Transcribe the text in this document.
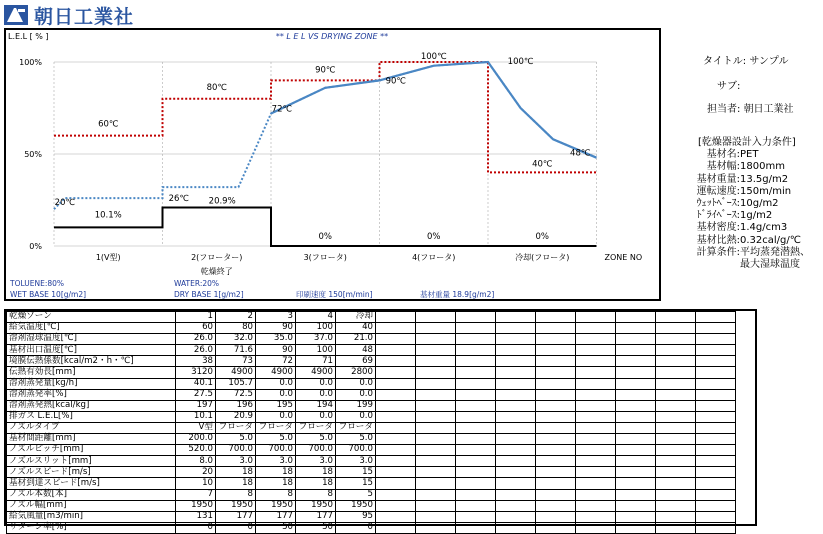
朝日工業社
L.E.L [ % ]	** L E L VS DRYING ZONE **
100%
50%
0%
60℃
80℃
90℃
100℃
40℃
20℃	26℃
72℃
90℃
100℃
48℃
10.1%
20.9%
0%	0%	0%
1(V型)	2(フローター)	3(フロータ)	4(フロータ)	冷却(フロータ)
乾燥終了
ZONE NO
TOLUENE:80%	WATER:20%
WET BASE 10[g/m2]	DRY BASE 1[g/m2]	印刷速度 150[m/min]	基材重量 18.9[g/m2]
タイトル: サンプル
サブ:
担当者: 朝日工業社
[乾燥器設計入力条件]
基材名: PET
基材幅: 1800mm
基材重量: 13.5g/m2
運転速度: 150m/min
ｳｪｯﾄﾍﾞｰｽ: 10g/m2
ﾄﾞﾗｲﾍﾞｰｽ: 1g/m2
基材密度: 1.4g/cm3
基材比熱: 0.32cal/g/℃
計算条件: 平均蒸発潜熱、
最大湿球温度
乾燥ゾーン	1	2	3	4	冷却									
給気温度[℃]	60	80	90	100	40									
溶剤湿球温度[℃]	26.0	32.0	35.0	37.0	21.0									
基材出口温度[℃]	26.0	71.6	90	100	48									
境膜伝熱係数[kcal/m2・h・℃]	38	73	72	71	69									
伝熱有効長[mm]	3120	4900	4900	4900	2800									
溶剤蒸発量[kg/h]	40.1	105.7	0.0	0.0	0.0									
溶剤蒸発率[%]	27.5	72.5	0.0	0.0	0.0									
溶剤蒸発熱[kcal/kg]	197	196	195	194	199									
排ガス L.E.L[%]	10.1	20.9	0.0	0.0	0.0									
ノズルタイプ	V型	フロータ	フロータ	フロータ	フロータ									
基材間距離[mm]	200.0	5.0	5.0	5.0	5.0									
ノズルピッチ[mm]	520.0	700.0	700.0	700.0	700.0									
ノズルスリット[mm]	8.0	3.0	3.0	3.0	3.0									
ノズルスピード[m/s]	20	18	18	18	15									
基材到達スピード[m/s]	10	18	18	18	15									
ノズル本数[本]	7	8	8	8	5									
ノズル幅[mm]	1950	1950	1950	1950	1950									
給気風量[m3/min]	131	177	177	177	95									
リターン率[%]	0	0	50	50	0									
